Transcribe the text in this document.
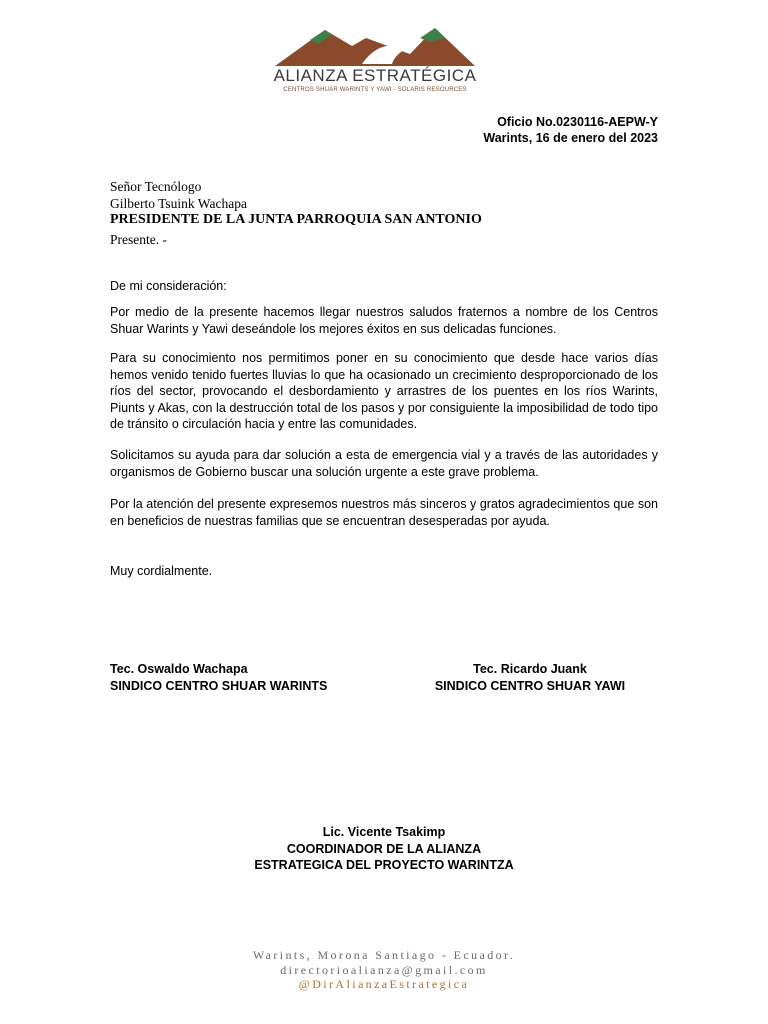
ALIANZA ESTRATÉGICA
CENTROS SHUAR WARINTS Y YAWI - SOLARIS RESOURCES
Oficio No.0230116-AEPW-Y
Warints, 16 de enero del 2023
Señor Tecnólogo
Gilberto Tsuink Wachapa
PRESIDENTE DE LA JUNTA PARROQUIA SAN ANTONIO
Presente. -
De mi consideración:
Por medio de la presente hacemos llegar nuestros saludos fraternos a nombre de los Centros Shuar Warints y Yawi deseándole los mejores éxitos en sus delicadas funciones.
Para su conocimiento nos permitimos poner en su conocimiento que desde hace varios días hemos venido tenido fuertes lluvias lo que ha ocasionado un crecimiento desproporcionado de los ríos del sector, provocando el desbordamiento y arrastres de los puentes en los ríos Warints, Piunts y Akas, con la destrucción total de los pasos y por consiguiente la imposibilidad de todo tipo de tránsito o circulación hacia y entre las comunidades.
Solicitamos su ayuda para dar solución a esta de emergencia vial y a través de las autoridades y organismos de Gobierno buscar una solución urgente a este grave problema.
Por la atención del presente expresemos nuestros más sinceros y gratos agradecimientos que son en beneficios de nuestras familias que se encuentran desesperadas por ayuda.
Muy cordialmente.
Tec. Oswaldo Wachapa
SINDICO CENTRO SHUAR WARINTS
Tec. Ricardo Juank
SINDICO CENTRO SHUAR YAWI
Lic. Vicente Tsakimp
COORDINADOR DE LA ALIANZA
ESTRATEGICA DEL PROYECTO WARINTZA
Warints, Morona Santiago - Ecuador.
directorioalianza@gmail.com
@DirAlianzaEstrategica
